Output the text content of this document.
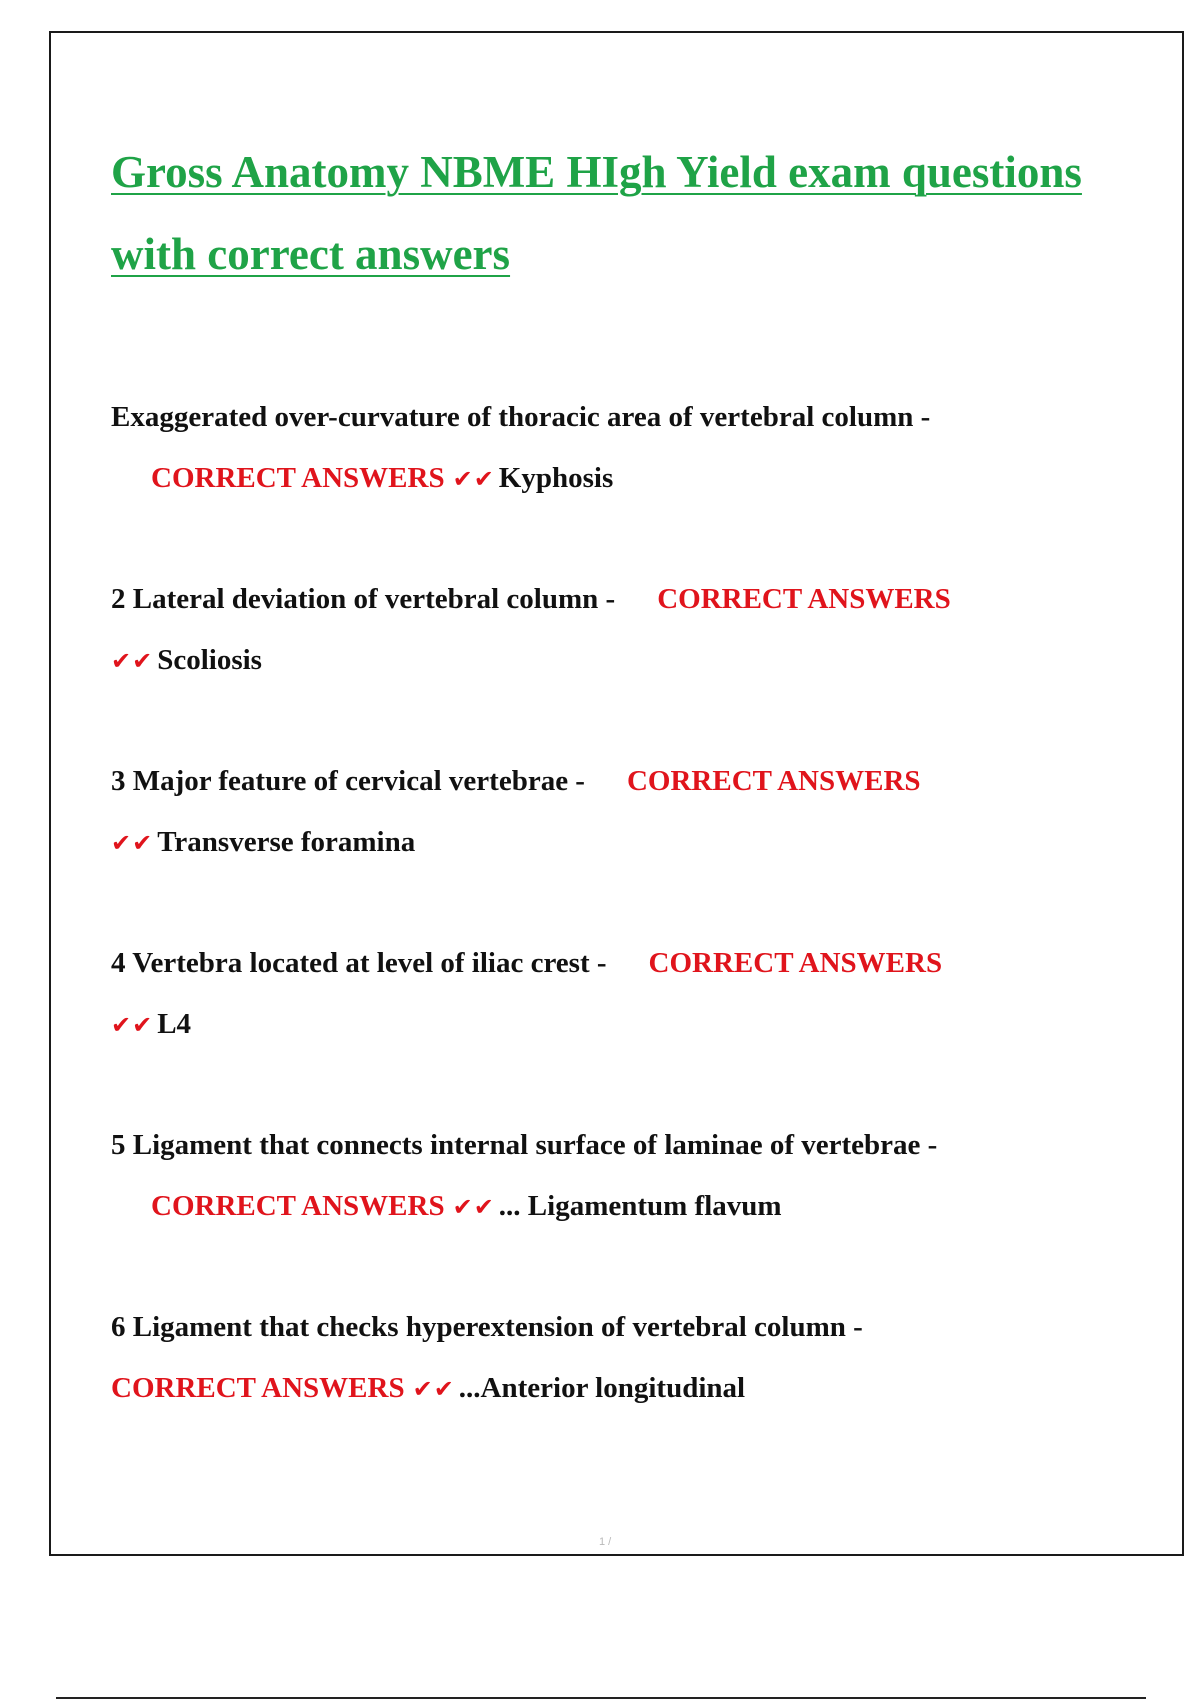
Gross Anatomy NBME HIgh Yield exam questions with correct answers
Exaggerated over-curvature of thoracic area of vertebral column -
CORRECT ANSWERS ✔✔ Kyphosis
2 Lateral deviation of vertebral column - CORRECT ANSWERS
✔✔ Scoliosis
3 Major feature of cervical vertebrae - CORRECT ANSWERS
✔✔ Transverse foramina
4 Vertebra located at level of iliac crest - CORRECT ANSWERS
✔✔ L4
5 Ligament that connects internal surface of laminae of vertebrae -
CORRECT ANSWERS ✔✔ ... Ligamentum flavum
6 Ligament that checks hyperextension of vertebral column -
CORRECT ANSWERS ✔✔ ...Anterior longitudinal
1 /
